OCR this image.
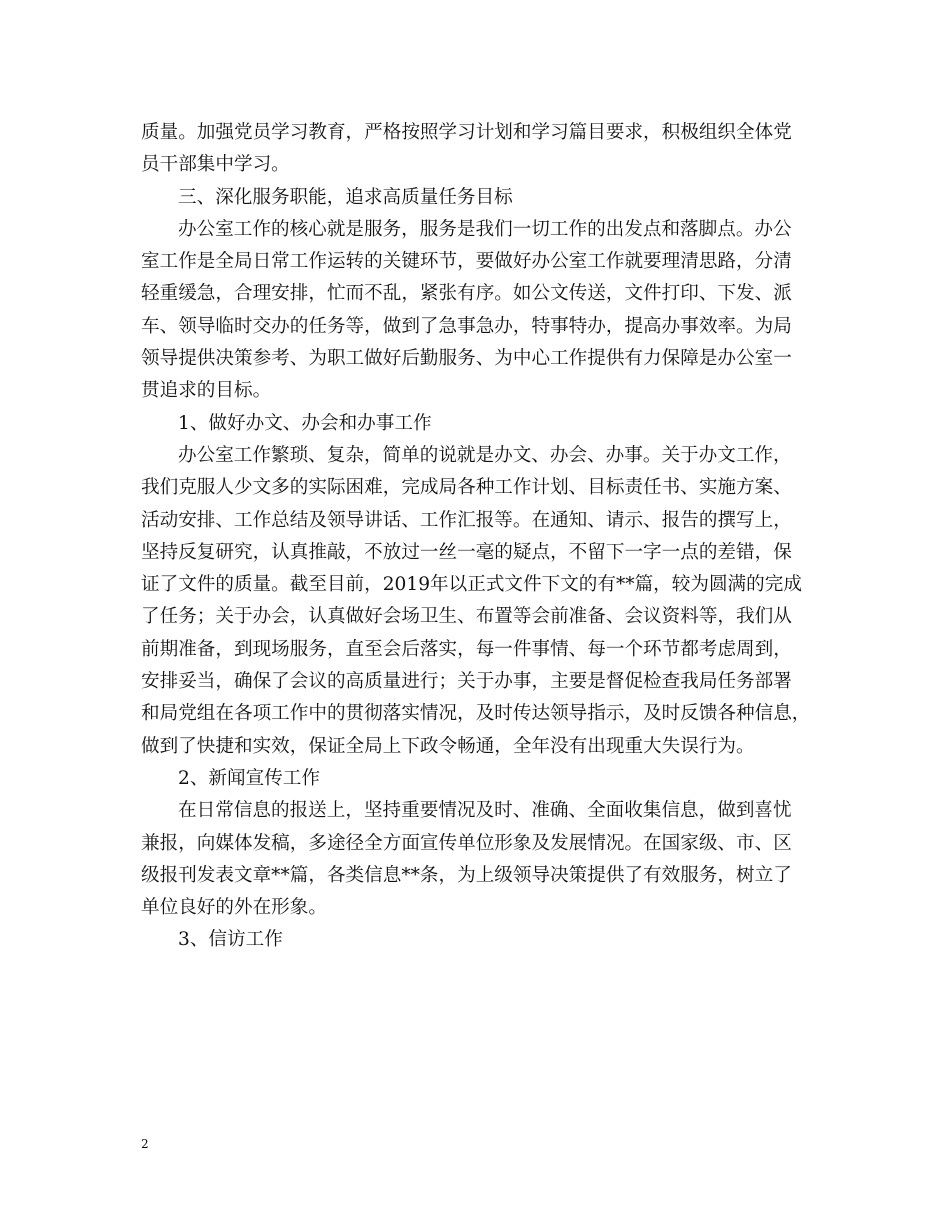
质量。加强党员学习教育，严格按照学习计划和学习篇目要求，积极组织全体党

员干部集中学习。

三、深化服务职能，追求高质量任务目标

办公室工作的核心就是服务，服务是我们一切工作的出发点和落脚点。办公

室工作是全局日常工作运转的关键环节，要做好办公室工作就要理清思路，分清

轻重缓急，合理安排，忙而不乱，紧张有序。如公文传送，文件打印、下发、派

车、领导临时交办的任务等，做到了急事急办，特事特办，提高办事效率。为局

领导提供决策参考、为职工做好后勤服务、为中心工作提供有力保障是办公室一

贯追求的目标。

1、做好办文、办会和办事工作

办公室工作繁琐、复杂，简单的说就是办文、办会、办事。关于办文工作，

我们克服人少文多的实际困难，完成局各种工作计划、目标责任书、实施方案、

活动安排、工作总结及领导讲话、工作汇报等。在通知、请示、报告的撰写上，

坚持反复研究，认真推敲，不放过一丝一毫的疑点，不留下一字一点的差错，保

证了文件的质量。截至目前，2019年以正式文件下文的有**篇，较为圆满的完成

了任务；关于办会，认真做好会场卫生、布置等会前准备、会议资料等，我们从

前期准备，到现场服务，直至会后落实，每一件事情、每一个环节都考虑周到，

安排妥当，确保了会议的高质量进行；关于办事，主要是督促检查我局任务部署

和局党组在各项工作中的贯彻落实情况，及时传达领导指示，及时反馈各种信息，

做到了快捷和实效，保证全局上下政令畅通，全年没有出现重大失误行为。

2、新闻宣传工作

在日常信息的报送上，坚持重要情况及时、准确、全面收集信息，做到喜忧

兼报，向媒体发稿，多途径全方面宣传单位形象及发展情况。在国家级、市、区

级报刊发表文章**篇，各类信息**条，为上级领导决策提供了有效服务，树立了

单位良好的外在形象。

3、信访工作

2
